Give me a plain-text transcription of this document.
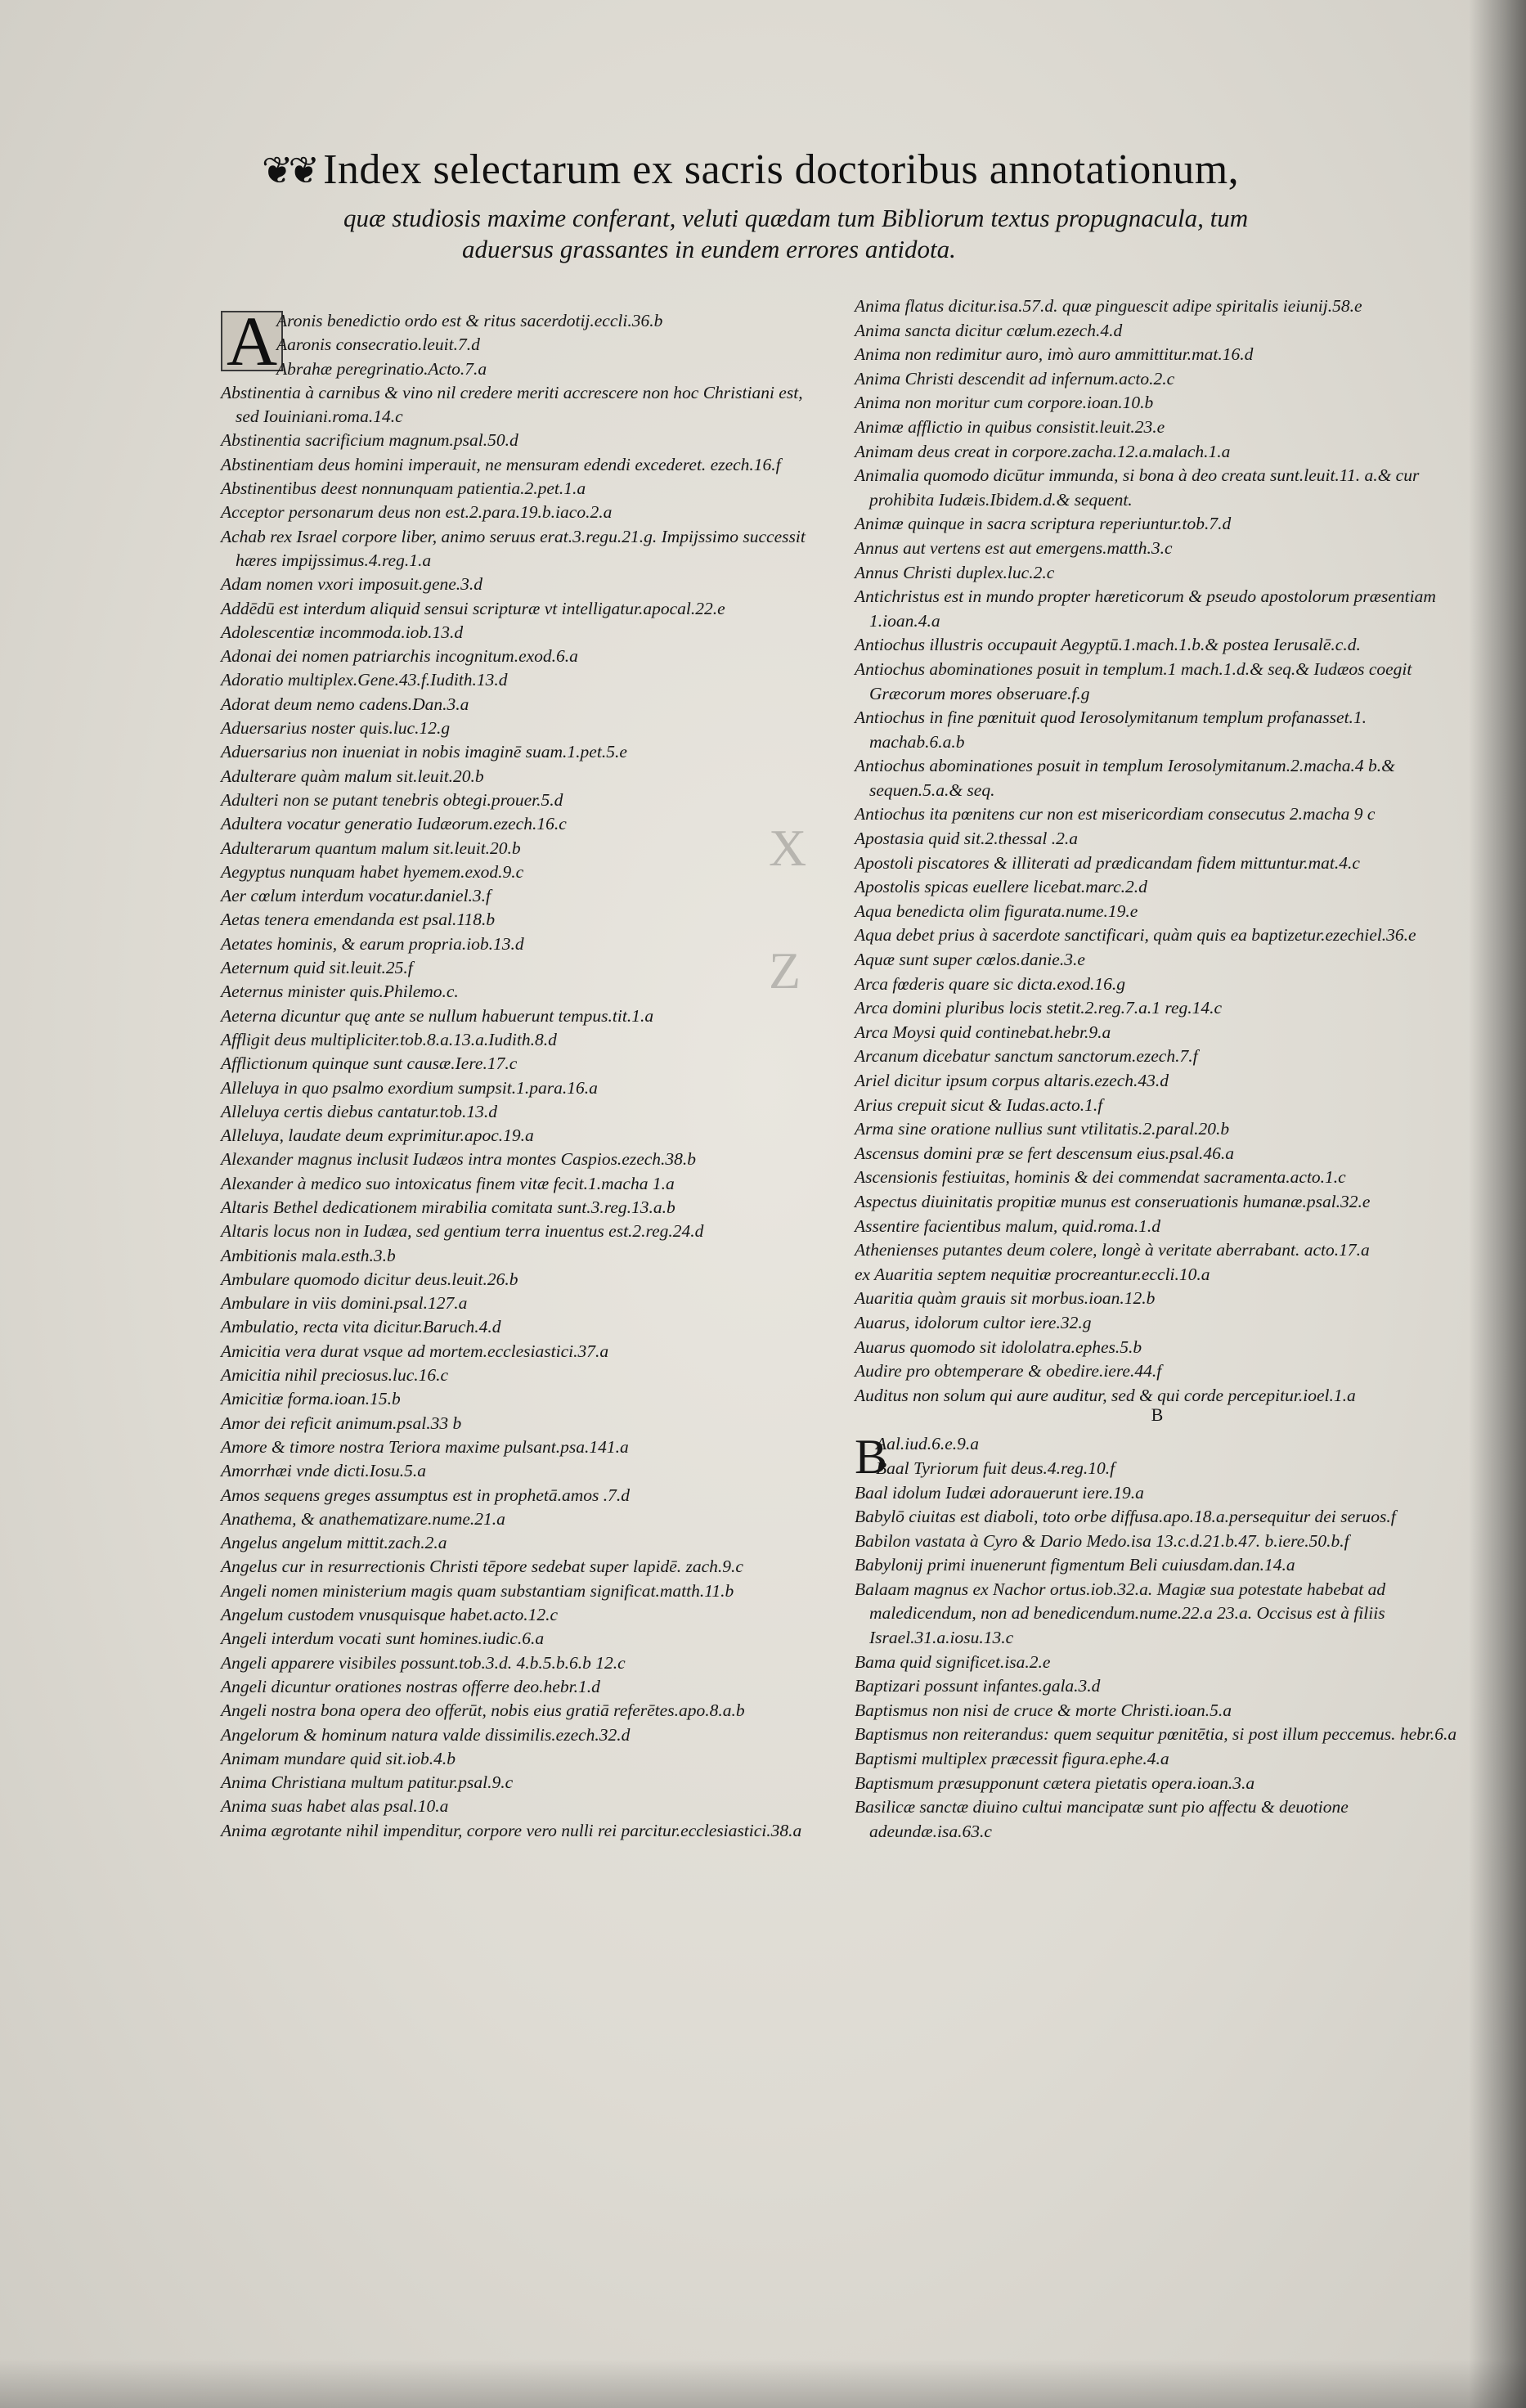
❦❦ Index selectarum ex sacris doctoribus annotationum,
quæ studiosis maxime conferant, veluti quædam tum Bibliorum textus propugnacula, tum
aduersus grassantes in eundem errores antidota.
X
Z
A
Aronis benedictio ordo est & ritus sacerdotij.eccli.36.b
Aaronis consecratio.leuit.7.d
Abrahæ peregrinatio.Acto.7.a
Abstinentia à carnibus & vino nil credere meriti accrescere non hoc Christiani est, sed Iouiniani.roma.14.c
Abstinentia sacrificium magnum.psal.50.d
Abstinentiam deus homini imperauit, ne mensuram edendi excederet. ezech.16.f
Abstinentibus deest nonnunquam patientia.2.pet.1.a
Acceptor personarum deus non est.2.para.19.b.iaco.2.a
Achab rex Israel corpore liber, animo seruus erat.3.regu.21.g. Impijssimo successit hæres impijssimus.4.reg.1.a
Adam nomen vxori imposuit.gene.3.d
Addēdū est interdum aliquid sensui scripturæ vt intelligatur.apocal.22.e
Adolescentiæ incommoda.iob.13.d
Adonai dei nomen patriarchis incognitum.exod.6.a
Adoratio multiplex.Gene.43.f.Iudith.13.d
Adorat deum nemo cadens.Dan.3.a
Aduersarius noster quis.luc.12.g
Aduersarius non inueniat in nobis imaginē suam.1.pet.5.e
Adulterare quàm malum sit.leuit.20.b
Adulteri non se putant tenebris obtegi.prouer.5.d
Adultera vocatur generatio Iudæorum.ezech.16.c
Adulterarum quantum malum sit.leuit.20.b
Aegyptus nunquam habet hyemem.exod.9.c
Aer cœlum interdum vocatur.daniel.3.f
Aetas tenera emendanda est psal.118.b
Aetates hominis, & earum propria.iob.13.d
Aeternum quid sit.leuit.25.f
Aeternus minister quis.Philemo.c.
Aeterna dicuntur quę ante se nullum habuerunt tempus.tit.1.a
Affligit deus multipliciter.tob.8.a.13.a.Iudith.8.d
Afflictionum quinque sunt causæ.Iere.17.c
Alleluya in quo psalmo exordium sumpsit.1.para.16.a
Alleluya certis diebus cantatur.tob.13.d
Alleluya, laudate deum exprimitur.apoc.19.a
Alexander magnus inclusit Iudæos intra montes Caspios.ezech.38.b
Alexander à medico suo intoxicatus finem vitæ fecit.1.macha 1.a
Altaris Bethel dedicationem mirabilia comitata sunt.3.reg.13.a.b
Altaris locus non in Iudæa, sed gentium terra inuentus est.2.reg.24.d
Ambitionis mala.esth.3.b
Ambulare quomodo dicitur deus.leuit.26.b
Ambulare in viis domini.psal.127.a
Ambulatio, recta vita dicitur.Baruch.4.d
Amicitia vera durat vsque ad mortem.ecclesiastici.37.a
Amicitia nihil preciosus.luc.16.c
Amicitiæ forma.ioan.15.b
Amor dei reficit animum.psal.33 b
Amore & timore nostra Teriora maxime pulsant.psa.141.a
Amorrhæi vnde dicti.Iosu.5.a
Amos sequens greges assumptus est in prophetā.amos .7.d
Anathema, & anathematizare.nume.21.a
Angelus angelum mittit.zach.2.a
Angelus cur in resurrectionis Christi tēpore sedebat super lapidē. zach.9.c
Angeli nomen ministerium magis quam substantiam significat.matth.11.b
Angelum custodem vnusquisque habet.acto.12.c
Angeli interdum vocati sunt homines.iudic.6.a
Angeli apparere visibiles possunt.tob.3.d. 4.b.5.b.6.b 12.c
Angeli dicuntur orationes nostras offerre deo.hebr.1.d
Angeli nostra bona opera deo offerūt, nobis eius gratiā referētes.apo.8.a.b
Angelorum & hominum natura valde dissimilis.ezech.32.d
Animam mundare quid sit.iob.4.b
Anima Christiana multum patitur.psal.9.c
Anima suas habet alas psal.10.a
Anima ægrotante nihil impenditur, corpore vero nulli rei parcitur.ecclesiastici.38.a
Anima flatus dicitur.isa.57.d. quæ pinguescit adipe spiritalis ieiunij.58.e
Anima sancta dicitur cœlum.ezech.4.d
Anima non redimitur auro, imò auro ammittitur.mat.16.d
Anima Christi descendit ad infernum.acto.2.c
Anima non moritur cum corpore.ioan.10.b
Animæ afflictio in quibus consistit.leuit.23.e
Animam deus creat in corpore.zacha.12.a.malach.1.a
Animalia quomodo dicūtur immunda, si bona à deo creata sunt.leuit.11. a.& cur prohibita Iudæis.Ibidem.d.& sequent.
Animæ quinque in sacra scriptura reperiuntur.tob.7.d
Annus aut vertens est aut emergens.matth.3.c
Annus Christi duplex.luc.2.c
Antichristus est in mundo propter hæreticorum & pseudo apostolorum præsentiam 1.ioan.4.a
Antiochus illustris occupauit Aegyptū.1.mach.1.b.& postea Ierusalē.c.d.
Antiochus abominationes posuit in templum.1 mach.1.d.& seq.& Iudæos coegit Græcorum mores obseruare.f.g
Antiochus in fine pœnituit quod Ierosolymitanum templum profanasset.1. machab.6.a.b
Antiochus abominationes posuit in templum Ierosolymitanum.2.macha.4 b.& sequen.5.a.& seq.
Antiochus ita pœnitens cur non est misericordiam consecutus 2.macha 9 c
Apostasia quid sit.2.thessal .2.a
Apostoli piscatores & illiterati ad prædicandam fidem mittuntur.mat.4.c
Apostolis spicas euellere licebat.marc.2.d
Aqua benedicta olim figurata.nume.19.e
Aqua debet prius à sacerdote sanctificari, quàm quis ea baptizetur.ezechiel.36.e
Aquæ sunt super cœlos.danie.3.e
Arca fœderis quare sic dicta.exod.16.g
Arca domini pluribus locis stetit.2.reg.7.a.1 reg.14.c
Arca Moysi quid continebat.hebr.9.a
Arcanum dicebatur sanctum sanctorum.ezech.7.f
Ariel dicitur ipsum corpus altaris.ezech.43.d
Arius crepuit sicut & Iudas.acto.1.f
Arma sine oratione nullius sunt vtilitatis.2.paral.20.b
Ascensus domini præ se fert descensum eius.psal.46.a
Ascensionis festiuitas, hominis & dei commendat sacramenta.acto.1.c
Aspectus diuinitatis propitiæ munus est conseruationis humanæ.psal.32.e
Assentire facientibus malum, quid.roma.1.d
Athenienses putantes deum colere, longè à veritate aberrabant. acto.17.a
ex Auaritia septem nequitiæ procreantur.eccli.10.a
Auaritia quàm grauis sit morbus.ioan.12.b
Auarus, idolorum cultor iere.32.g
Auarus quomodo sit idololatra.ephes.5.b
Audire pro obtemperare & obedire.iere.44.f
Auditus non solum qui aure auditur, sed & qui corde percepitur.ioel.1.a
B
B
Aal.iud.6.e.9.a
Baal Tyriorum fuit deus.4.reg.10.f
Baal idolum Iudæi adorauerunt iere.19.a
Babylō ciuitas est diaboli, toto orbe diffusa.apo.18.a.persequitur dei seruos.f
Babilon vastata à Cyro & Dario Medo.isa 13.c.d.21.b.47. b.iere.50.b.f
Babylonij primi inuenerunt figmentum Beli cuiusdam.dan.14.a
Balaam magnus ex Nachor ortus.iob.32.a. Magiæ sua potestate habebat ad maledicendum, non ad benedicendum.nume.22.a 23.a. Occisus est à filiis Israel.31.a.iosu.13.c
Bama quid significet.isa.2.e
Baptizari possunt infantes.gala.3.d
Baptismus non nisi de cruce & morte Christi.ioan.5.a
Baptismus non reiterandus: quem sequitur pœnitētia, si post illum peccemus. hebr.6.a
Baptismi multiplex præcessit figura.ephe.4.a
Baptismum præsupponunt cætera pietatis opera.ioan.3.a
Basilicæ sanctæ diuino cultui mancipatæ sunt pio affectu & deuotione adeundæ.isa.63.c
